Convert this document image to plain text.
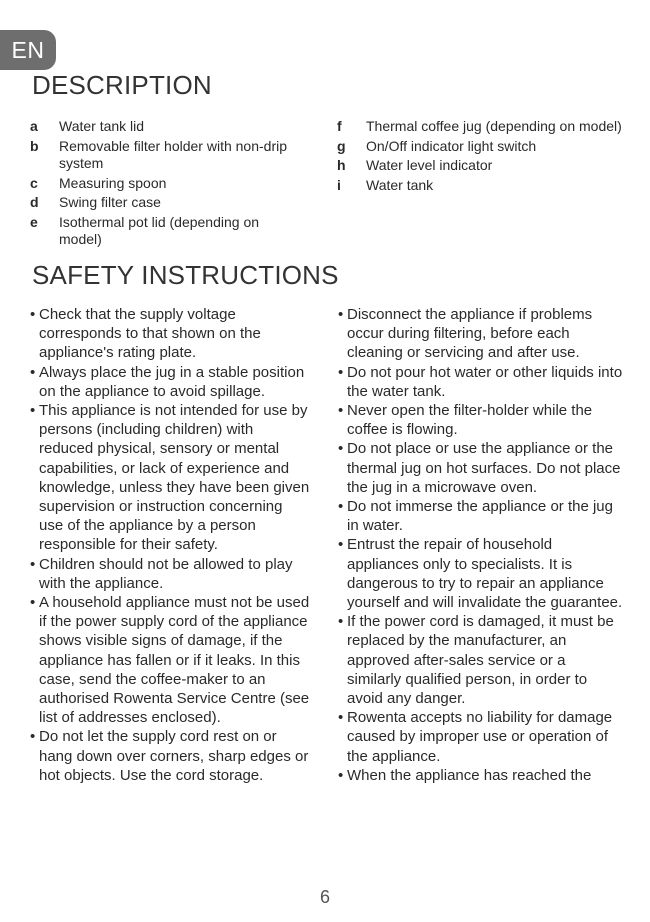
EN
DESCRIPTION
a	Water tank lid
b	Removable filter holder with non-drip system
c	Measuring spoon
d	Swing filter case
e	Isothermal pot lid (depending on model)
f	Thermal coffee jug (depending on model)
g	On/Off indicator light switch
h	Water level indicator
i	Water tank
SAFETY INSTRUCTIONS
• Check that the supply voltage corresponds to that shown on the appliance's rating plate.
• Always place the jug in a stable position on the appliance to avoid spillage.
• This appliance is not intended for use by persons (including children) with reduced physical, sensory or mental capabilities, or lack of experience and knowledge, unless they have been given supervision or instruction concerning use of the appliance by a person responsible for their safety.
• Children should not be allowed to play with the appliance.
• A household appliance must not be used if the power supply cord of the appliance shows visible signs of damage, if the appliance has fallen or if it leaks. In this case, send the coffee-maker to an authorised Rowenta Service Centre (see list of addresses enclosed).
• Do not let the supply cord rest on or hang down over corners, sharp edges or hot objects. Use the cord storage.
• Disconnect the appliance if problems occur during filtering, before each cleaning or servicing and after use.
• Do not pour hot water or other liquids into the water tank.
• Never open the filter-holder while the coffee is flowing.
• Do not place or use the appliance or the thermal jug on hot surfaces. Do not place the jug in a microwave oven.
• Do not immerse the appliance or the jug in water.
• Entrust the repair of household appliances only to specialists. It is dangerous to try to repair an appliance yourself and will invalidate the guarantee.
• If the power cord is damaged, it must be replaced by the manufacturer, an approved after-sales service or a similarly qualified person, in order to avoid any danger.
• Rowenta accepts no liability for damage caused by improper use or operation of the appliance.
• When the appliance has reached the
6
